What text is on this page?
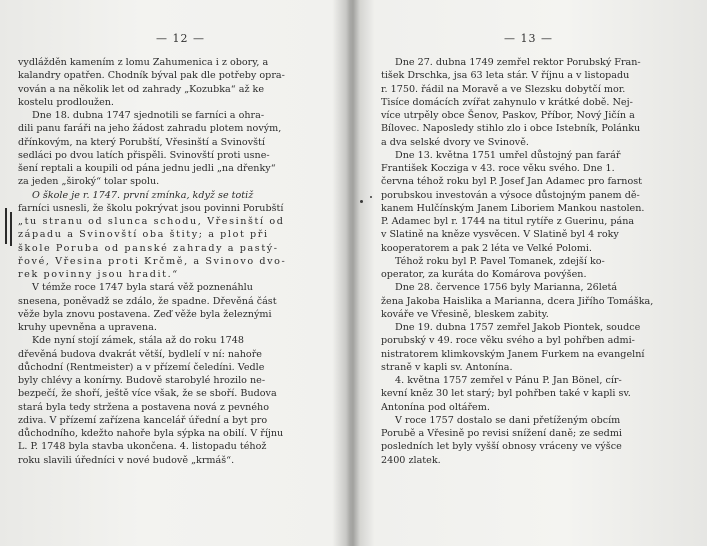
— 12 —
vydlážděn kamením z lomu Zahumenica i z obory, a
kalandry opatřen. Chodník býval pak dle potřeby opra-
vován a na několik let od zahrady „Kozubka“ až ke
kostelu prodloužen.
Dne 18. dubna 1747 sjednotili se farníci a ohra-
dili panu faráři na jeho žádost zahradu plotem novým,
dřínkovým, na který Porubští, Vřesinští a Svinovští
sedláci po dvou latích přispěli. Svinovští proti usne-
šení reptali a koupili od pána jednu jedli „na dřenky“
za jeden „široký“ tolar spolu.
O škole je r. 1747. první zmínka, když se totiž
farníci usnesli, že školu pokrývat jsou povinni Porubští
„tu stranu od slunca schodu, Vřesinští od
západu a Svinovští oba štity; a plot při
škole Poruba od panské zahrady a pastý-
řové, Vřesina proti Krčmě, a Svinovo dvo-
rek povinny jsou hradit.“
V témže roce 1747 byla stará věž poznenáhlu
snesena, poněvadž se zdálo, že spadne. Dřevěná část
věže byla znovu postavena. Zeď věže byla železnými
kruhy upevněna a upravena.
Kde nyní stojí zámek, stála až do roku 1748
dřevěná budova dvakrát větší, bydlelí v ní: nahoře
důchodní (Rentmeister) a v přízemí čeledíni. Vedle
byly chlévy a konírny. Budově starobylé hrozilo ne-
bezpečí, že shoří, ještě více však, že se sboří. Budova
stará byla tedy stržena a postavena nová z pevného
zdiva. V přízemí zařízena kancelář úřední a byt pro
důchodního, kdežto nahoře byla sýpka na obilí. V říjnu
L. P. 1748 byla stavba ukončena. 4. listopadu téhož
roku slavili úředníci v nové budově „krmáš“.
— 13 —
Dne 27. dubna 1749 zemřel rektor Porubský Fran-
tišek Drschka, jsa 63 leta stár. V říjnu a v listopadu
r. 1750. řádil na Moravě a ve Slezsku dobytčí mor.
Tisíce domácích zvířat zahynulo v krátké době. Nej-
více utrpěly obce Šenov, Paskov, Příbor, Nový Jičín a
Bílovec. Naposledy stihlo zlo i obce Istebník, Polánku
a dva selské dvory ve Svinově.
Dne 13. května 1751 umřel důstojný pan farář
František Kocziga v 43. roce věku svého. Dne 1.
června téhož roku byl P. Josef Jan Adamec pro farnost
porubskou investován a výsoce důstojným panem dě-
kanem Hulčínským Janem Liboriem Mankou nastolen.
P. Adamec byl r. 1744 na titul rytíře z Guerinu, pána
v Slatině na kněze vysvěcen. V Slatině byl 4 roky
kooperatorem a pak 2 léta ve Velké Polomi.
Téhož roku byl P. Pavel Tomanek, zdejší ko-
operator, za kuráta do Komárova povýšen.
Dne 28. července 1756 byly Marianna, 26letá
žena Jakoba Haislika a Marianna, dcera Jiřího Tomáška,
kováře ve Vřesině, bleskem zabity.
Dne 19. dubna 1757 zemřel Jakob Piontek, soudce
porubský v 49. roce věku svého a byl pohřben admi-
nistratorem klimkovským Janem Furkem na evangelní
straně v kapli sv. Antonína.
4. května 1757 zemřel v Pánu P. Jan Bönel, cír-
kevní kněz 30 let starý; byl pohřben také v kapli sv.
Antonína pod oltářem.
V roce 1757 dostalo se dani přetíženým obcím
Porubě a Vřesině po revisi snížení daně; ze sedmi
posledních let byly vyšší obnosy vráceny ve výšce
2400 zlatek.
